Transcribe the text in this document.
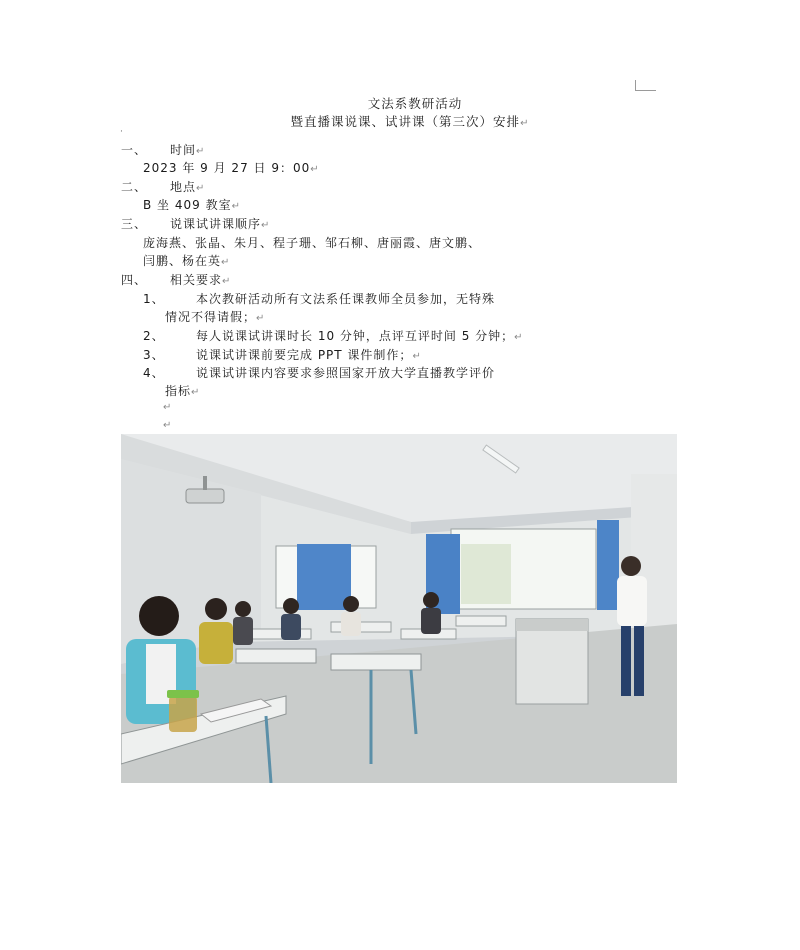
文法系教研活动
暨直播课说课、试讲课（第三次）安排↵
·
一、 时间↵
2023 年 9 月 27 日 9：00↵
二、 地点↵
B 坐 409 教室↵
三、 说课试讲课顺序↵
庞海燕、张晶、朱月、程子珊、邹石柳、唐丽霞、唐文鹏、
闫鹏、杨在英↵
四、 相关要求↵
1、	本次教研活动所有文法系任课教师全员参加，无特殊
情况不得请假；↵
2、	每人说课试讲课时长 10 分钟，点评互评时间 5 分钟；↵
3、	说课试讲课前要完成 PPT 课件制作；↵
4、	说课试讲课内容要求参照国家开放大学直播教学评价
指标↵
↵
↵
